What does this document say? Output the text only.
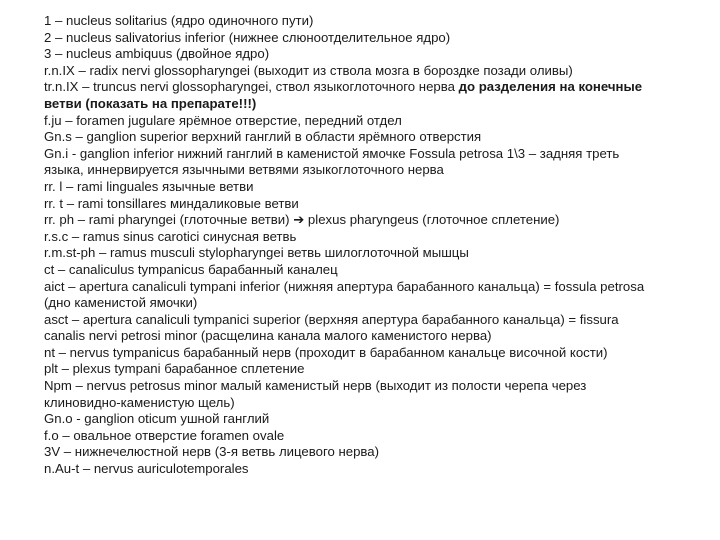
1 – nucleus solitarius (ядро одиночного пути)
2 – nucleus salivatorius inferior (нижнее слюноотделительное ядро)
3 – nucleus ambiquus (двойное ядро)
r.n.IX – radix nervi glossopharyngei (выходит из ствола мозга в бороздке позади оливы)
tr.n.IX – truncus nervi glossopharyngei, ствол языкоглоточного нерва до разделения на конечные
ветви (показать на препарате!!!)
f.ju – foramen jugulare ярёмное отверстие, передний отдел
Gn.s – ganglion superior верхний ганглий в области ярёмного отверстия
Gn.i - ganglion inferior нижний ганглий в каменистой ямочке Fossula petrosa 1\3 – задняя треть
языка, иннервируется язычными ветвями языкоглоточного нерва
rr. l – rami linguales язычные ветви
rr. t – rami tonsillares миндаликовые ветви
rr. ph – rami pharyngei (глоточные ветви) ➔ plexus pharyngeus (глоточное сплетение)
r.s.c – ramus sinus carotici синусная ветвь
r.m.st-ph – ramus musculi stylopharyngei ветвь шилоглоточной мышцы
ct – canaliculus tympanicus барабанный каналец
aict – apertura canaliculi tympani inferior (нижняя апертура барабанного канальца) = fossula petrosa
(дно каменистой ямочки)
asct – apertura canaliculi tympanici superior (верхняя апертура барабанного канальца) = fissura
canalis nervi petrosi minor (расщелина канала малого каменистого нерва)
nt – nervus tympanicus барабанный нерв (проходит в барабанном канальце височной кости)
plt – plexus tympani барабанное сплетение
Npm – nervus petrosus minor малый каменистый нерв (выходит из полости черепа через
клиновидно-каменистую щель)
Gn.o - ganglion oticum ушной ганглий
f.o – овальное отверстие foramen ovale
3V – нижнечелюстной нерв (3-я ветвь лицевого нерва)
n.Au-t – nervus auriculotemporales
